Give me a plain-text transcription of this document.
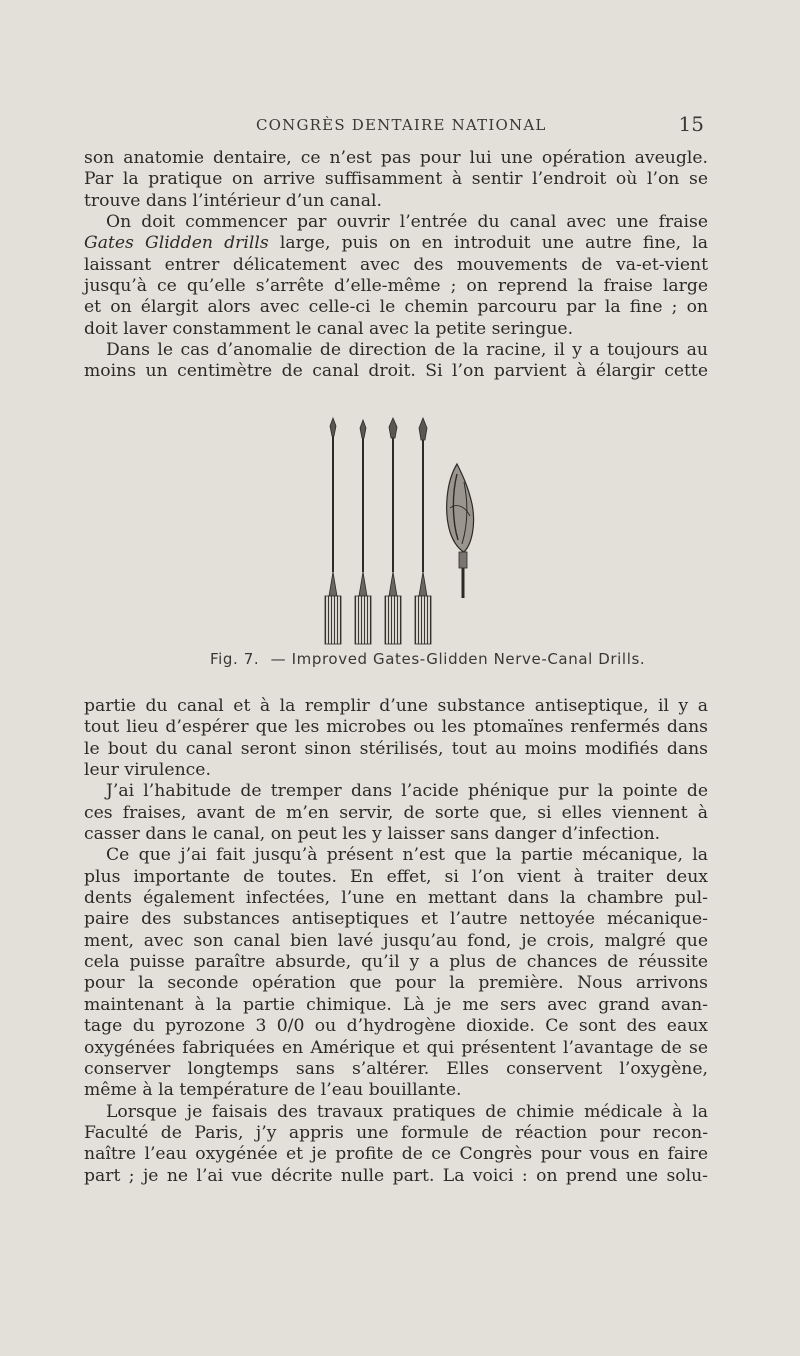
CONGRÈS DENTAIRE NATIONAL	15
son anatomie dentaire, ce n’est pas pour lui une opération aveugle.
Par la pratique on arrive suffisamment à sentir l’endroit où l’on se
trouve dans l’intérieur d’un canal.
On doit commencer par ouvrir l’entrée du canal avec une fraise
Gates Glidden drills large, puis on en introduit une autre fine, la
laissant entrer délicatement avec des mouvements de va-et-vient
jusqu’à ce qu’elle s’arrête d’elle-même ; on reprend la fraise large
et on élargit alors avec celle-ci le chemin parcouru par la fine ; on
doit laver constamment le canal avec la petite seringue.
Dans le cas d’anomalie de direction de la racine, il y a toujours au
moins un centimètre de canal droit. Si l’on parvient à élargir cette
Fig. 7. — Improved Gates-Glidden Nerve-Canal Drills.
partie du canal et à la remplir d’une substance antiseptique, il y a
tout lieu d’espérer que les microbes ou les ptomaïnes renfermés dans
le bout du canal seront sinon stérilisés, tout au moins modifiés dans
leur virulence.
J’ai l’habitude de tremper dans l’acide phénique pur la pointe de
ces fraises, avant de m’en servir, de sorte que, si elles viennent à
casser dans le canal, on peut les y laisser sans danger d’infection.
Ce que j’ai fait jusqu’à présent n’est que la partie mécanique, la
plus importante de toutes. En effet, si l’on vient à traiter deux
dents également infectées, l’une en mettant dans la chambre pul-
paire des substances antiseptiques et l’autre nettoyée mécanique-
ment, avec son canal bien lavé jusqu’au fond, je crois, malgré que
cela puisse paraître absurde, qu’il y a plus de chances de réussite
pour la seconde opération que pour la première. Nous arrivons
maintenant à la partie chimique. Là je me sers avec grand avan-
tage du pyrozone 3 0/0 ou d’hydrogène dioxide. Ce sont des eaux
oxygénées fabriquées en Amérique et qui présentent l’avantage de se
conserver longtemps sans s’altérer. Elles conservent l’oxygène,
même à la température de l’eau bouillante.
Lorsque je faisais des travaux pratiques de chimie médicale à la
Faculté de Paris, j’y appris une formule de réaction pour recon-
naître l’eau oxygénée et je profite de ce Congrès pour vous en faire
part ; je ne l’ai vue décrite nulle part. La voici : on prend une solu-
